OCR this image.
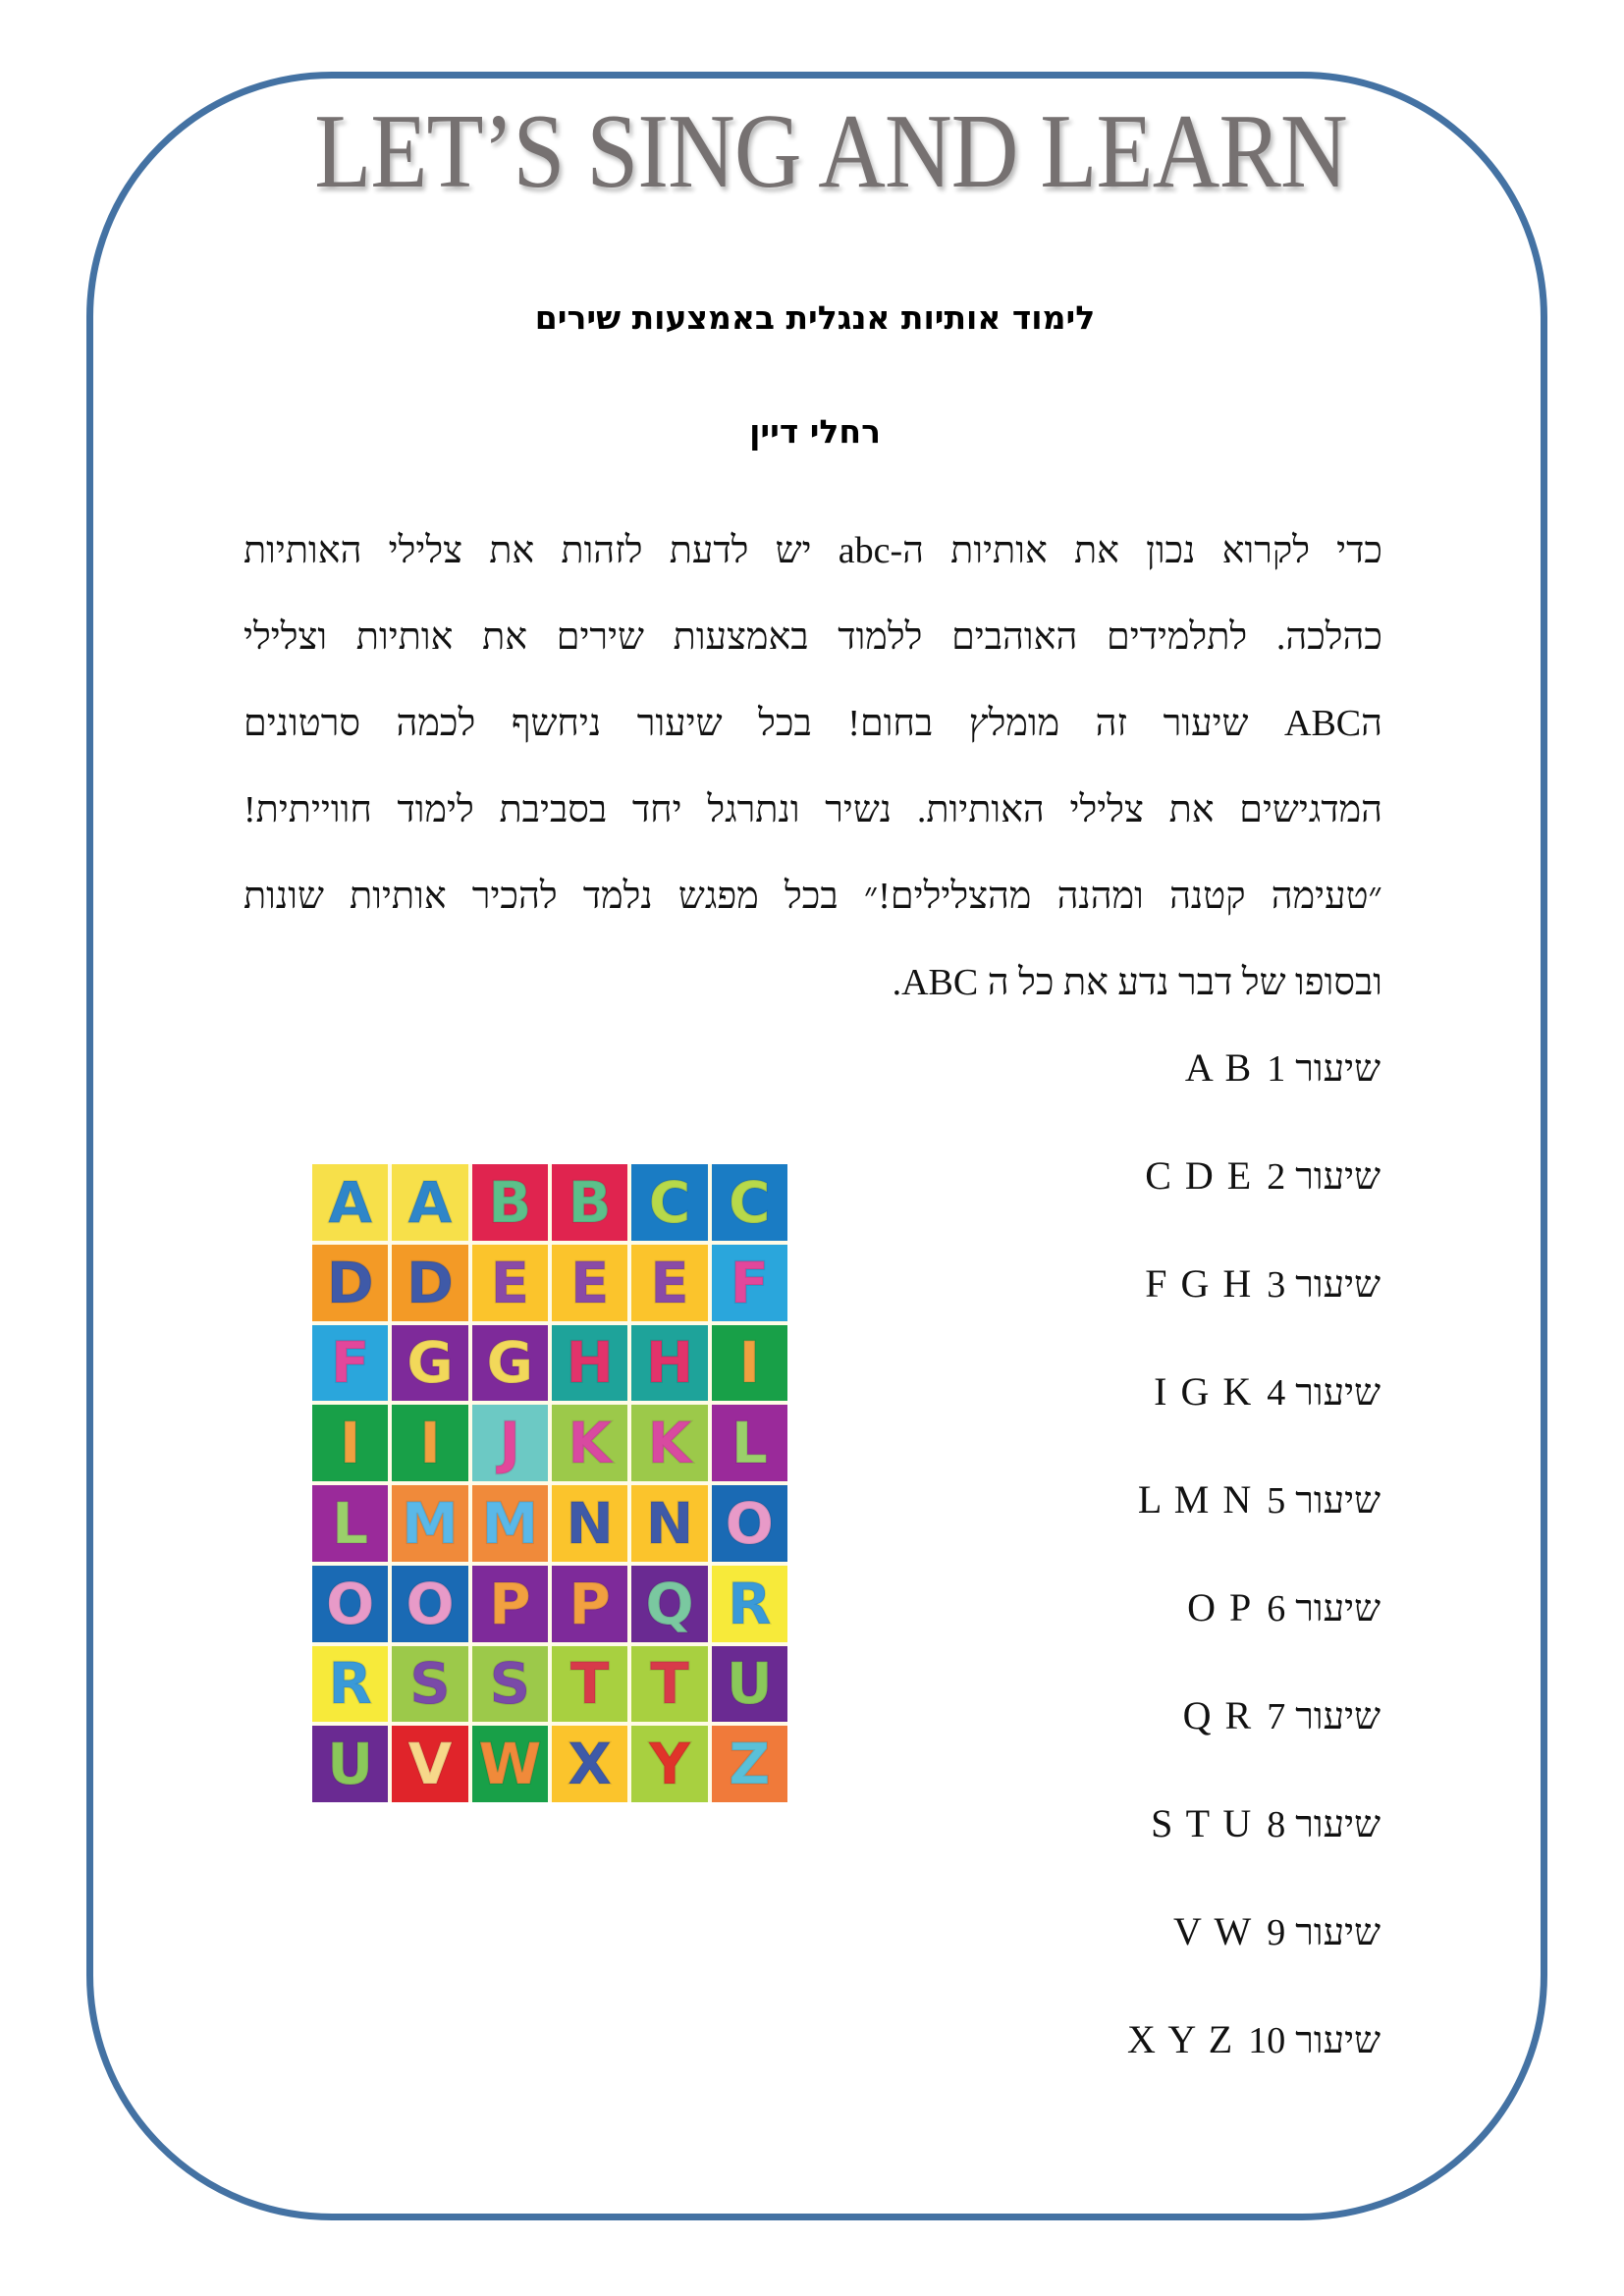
LET’S SING AND LEARN
לימוד אותיות אנגלית באמצעות שירים
רחלי דיין
כדי לקרוא נכון את אותיות ה-abc יש לדעת לזהות את צלילי האותיות
כהלכה. לתלמידים האוהבים ללמוד באמצעות שירים את אותיות וצלילי
הABC שיעור זה מומלץ בחום! בכל שיעור ניחשף לכמה סרטונים
המדגישים את צלילי האותיות. נשיר ונתרגל יחד בסביבת לימוד חווייתית!
״טעימה קטנה ומהנה מהצלילים!״ בכל מפגש נלמד להכיר אותיות שונות
ובסופו של דבר נדע את כל ה ABC.
שיעור1A B
שיעור2C D E
שיעור3F G H
שיעור4I G K
שיעור5L M N
שיעור6O P
שיעור7Q R
שיעור8S T U
שיעור9V W
שיעור10X Y Z
A A B B C C
D D E E E F
F G G H H I
I	I	J K K L
L M M N N O
O O P P Q R
R S S T T U
U V W X Y Z
